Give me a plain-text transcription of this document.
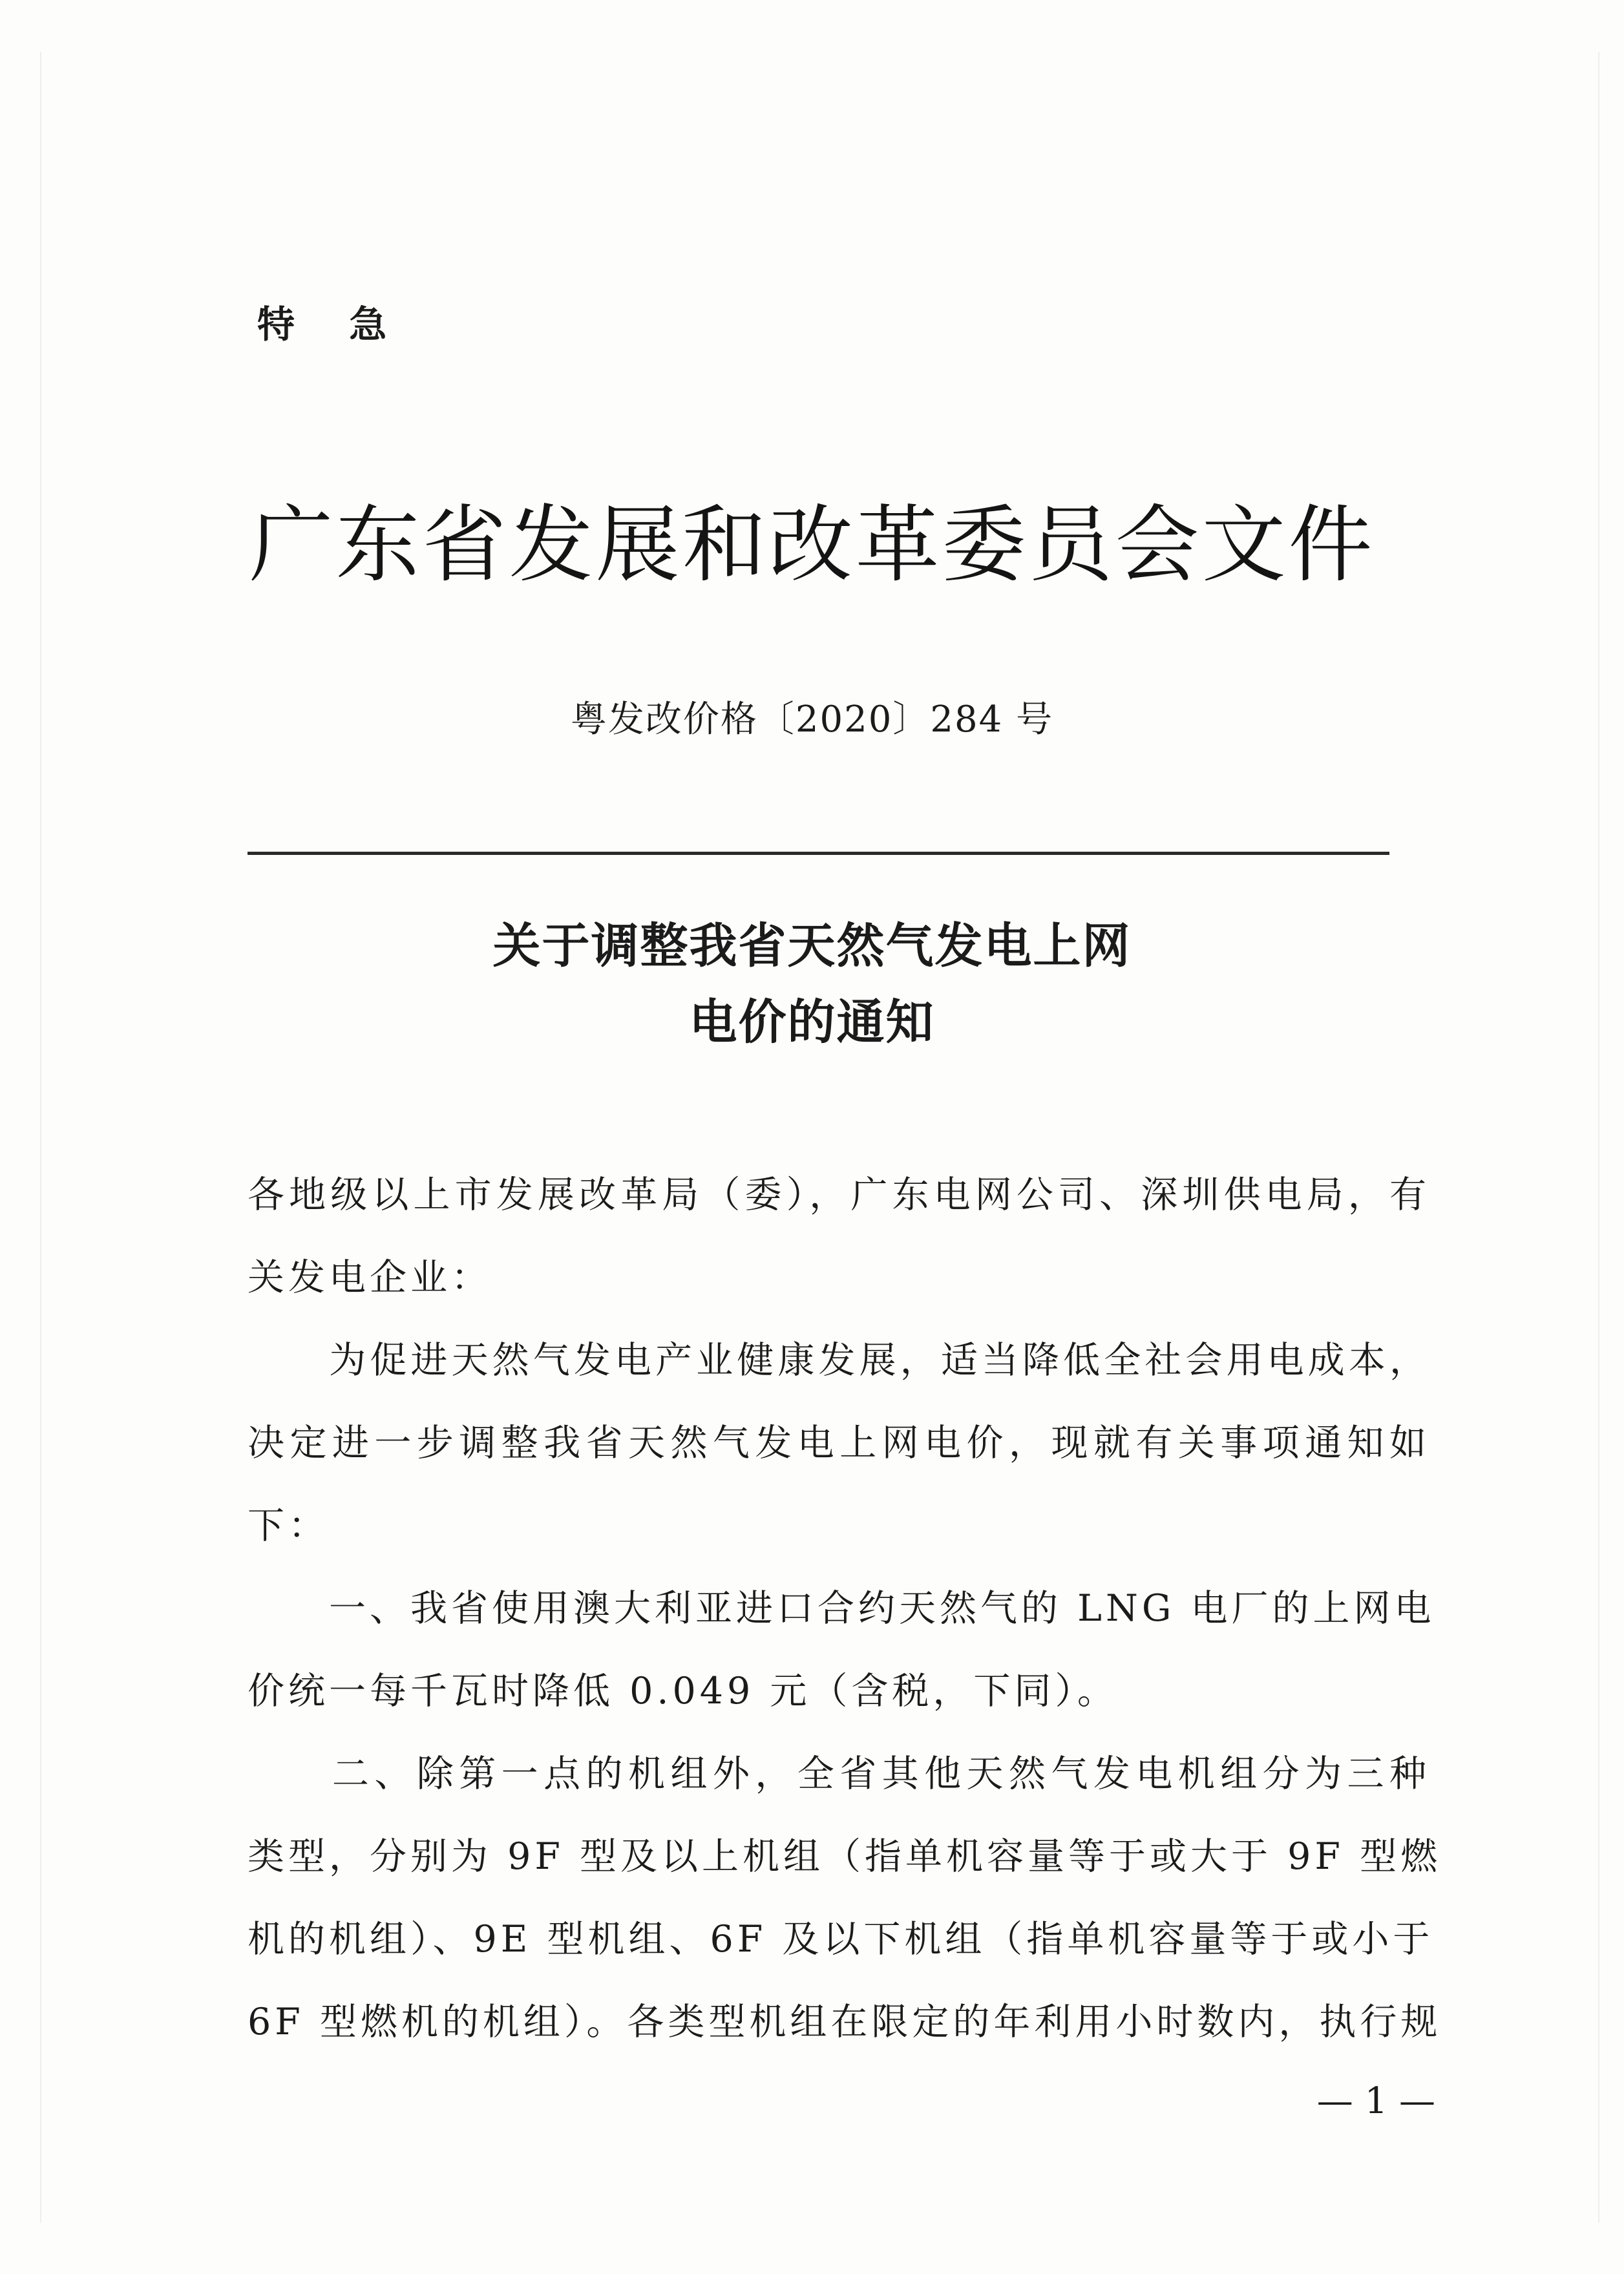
特 急
广东省发展和改革委员会文件
粤发改价格〔2020〕284 号
关于调整我省天然气发电上网
电价的通知
各地级以上市发展改革局（委），广东电网公司、深圳供电局，有
关发电企业：
　　为促进天然气发电产业健康发展，适当降低全社会用电成本，
决定进一步调整我省天然气发电上网电价，现就有关事项通知如
下：
　　一、我省使用澳大利亚进口合约天然气的 LNG 电厂的上网电
价统一每千瓦时降低 0.049 元（含税，下同）。
　　二、除第一点的机组外，全省其他天然气发电机组分为三种
类型，分别为 9F 型及以上机组（指单机容量等于或大于 9F 型燃
机的机组）、9E 型机组、6F 及以下机组（指单机容量等于或小于
6F 型燃机的机组）。各类型机组在限定的年利用小时数内，执行规
— 1 —
